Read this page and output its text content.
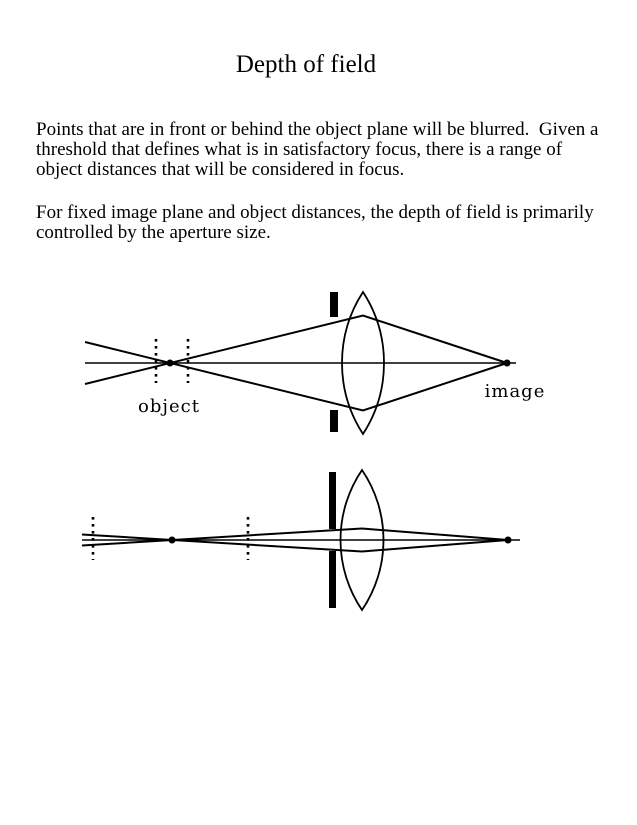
Depth of field
Points that are in front or behind the object plane will be blurred.  Given a
threshold that defines what is in satisfactory focus, there is a range of
object distances that will be considered in focus.
For fixed image plane and object distances, the depth of field is primarily
controlled by the aperture size.
object
image
